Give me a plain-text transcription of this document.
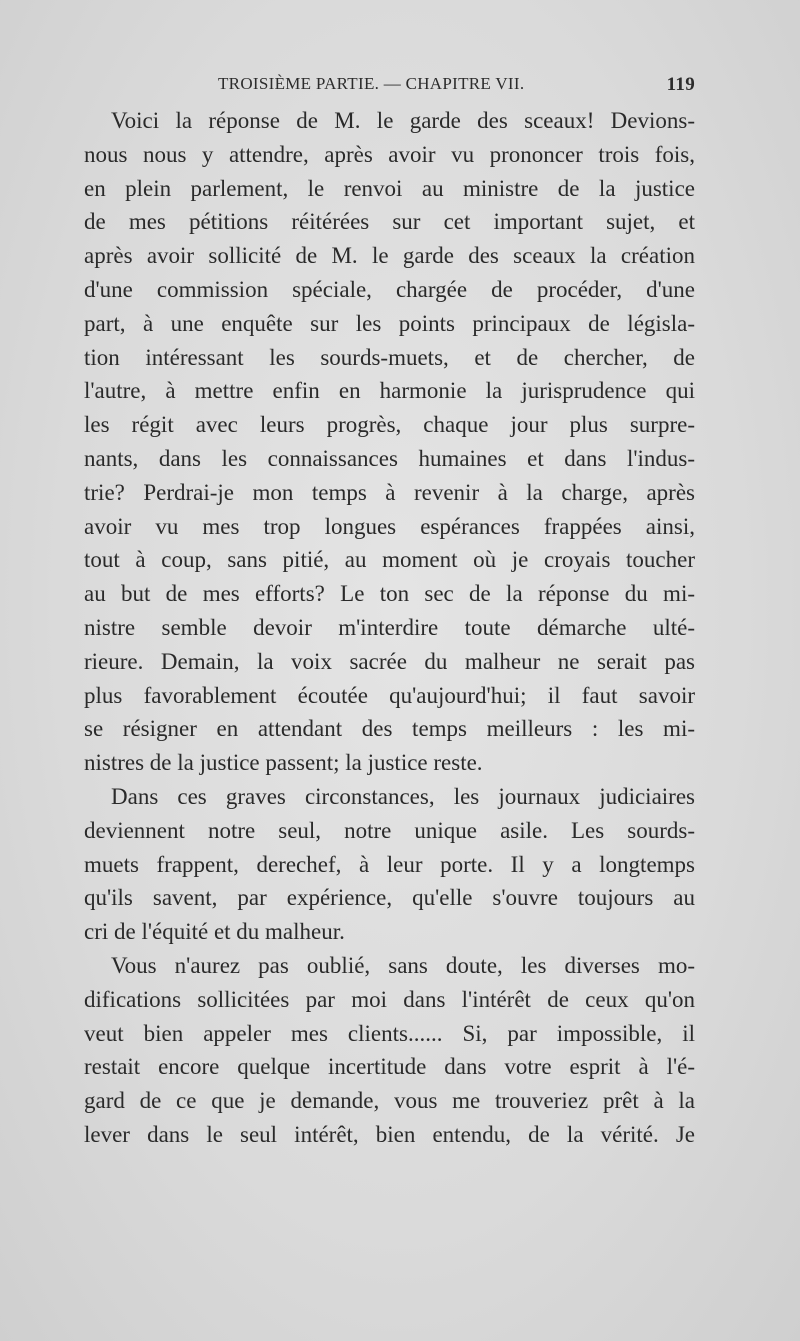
TROISIÈME PARTIE. — CHAPITRE VII.	119
Voici la réponse de M. le garde des sceaux! Devions-
nous nous y attendre, après avoir vu prononcer trois fois,
en plein parlement, le renvoi au ministre de la justice
de mes pétitions réitérées sur cet important sujet, et
après avoir sollicité de M. le garde des sceaux la création
d'une commission spéciale, chargée de procéder, d'une
part, à une enquête sur les points principaux de législa-
tion intéressant les sourds-muets, et de chercher, de
l'autre, à mettre enfin en harmonie la jurisprudence qui
les régit avec leurs progrès, chaque jour plus surpre-
nants, dans les connaissances humaines et dans l'indus-
trie? Perdrai-je mon temps à revenir à la charge, après
avoir vu mes trop longues espérances frappées ainsi,
tout à coup, sans pitié, au moment où je croyais toucher
au but de mes efforts? Le ton sec de la réponse du mi-
nistre semble devoir m'interdire toute démarche ulté-
rieure. Demain, la voix sacrée du malheur ne serait pas
plus favorablement écoutée qu'aujourd'hui; il faut savoir
se résigner en attendant des temps meilleurs : les mi-
nistres de la justice passent; la justice reste.
Dans ces graves circonstances, les journaux judiciaires
deviennent notre seul, notre unique asile. Les sourds-
muets frappent, derechef, à leur porte. Il y a longtemps
qu'ils savent, par expérience, qu'elle s'ouvre toujours au
cri de l'équité et du malheur.
Vous n'aurez pas oublié, sans doute, les diverses mo-
difications sollicitées par moi dans l'intérêt de ceux qu'on
veut bien appeler mes clients...... Si, par impossible, il
restait encore quelque incertitude dans votre esprit à l'é-
gard de ce que je demande, vous me trouveriez prêt à la
lever dans le seul intérêt, bien entendu, de la vérité. Je
